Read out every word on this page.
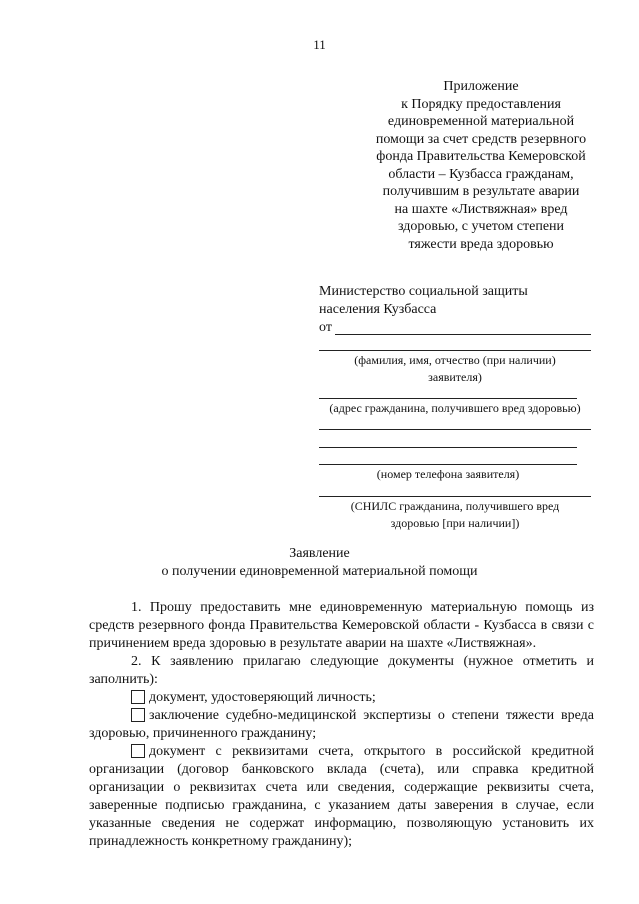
11
Приложение
к Порядку предоставления
единовременной материальной
помощи за счет средств резервного
фонда Правительства Кемеровской
области – Кузбасса гражданам,
получившим в результате аварии
на шахте «Листвяжная» вред
здоровью, с учетом степени
тяжести вреда здоровью
Министерство социальной защиты
населения Кузбасса
от
(фамилия, имя, отчество (при наличии)
заявителя)
(адрес гражданина, получившего вред здоровью)
(номер телефона заявителя)
(СНИЛС гражданина, получившего вред
здоровью [при наличии])
Заявление
о получении единовременной материальной помощи

1. Прошу предоставить мне единовременную материальную помощь из средств резервного фонда Правительства Кемеровской области - Кузбасса в связи с причинением вреда здоровью в результате аварии на шахте «Листвяжная».

2. К заявлению прилагаю следующие документы (нужное отметить и заполнить):

документ, удостоверяющий личность;

заключение судебно-медицинской экспертизы о степени тяжести вреда здоровью, причиненного гражданину;

документ с реквизитами счета, открытого в российской кредитной организации (договор банковского вклада (счета), или справка кредитной организации о реквизитах счета или сведения, содержащие реквизиты счета, заверенные подписью гражданина, с указанием даты заверения в случае, если указанные сведения не содержат информацию, позволяющую установить их принадлежность конкретному гражданину);
